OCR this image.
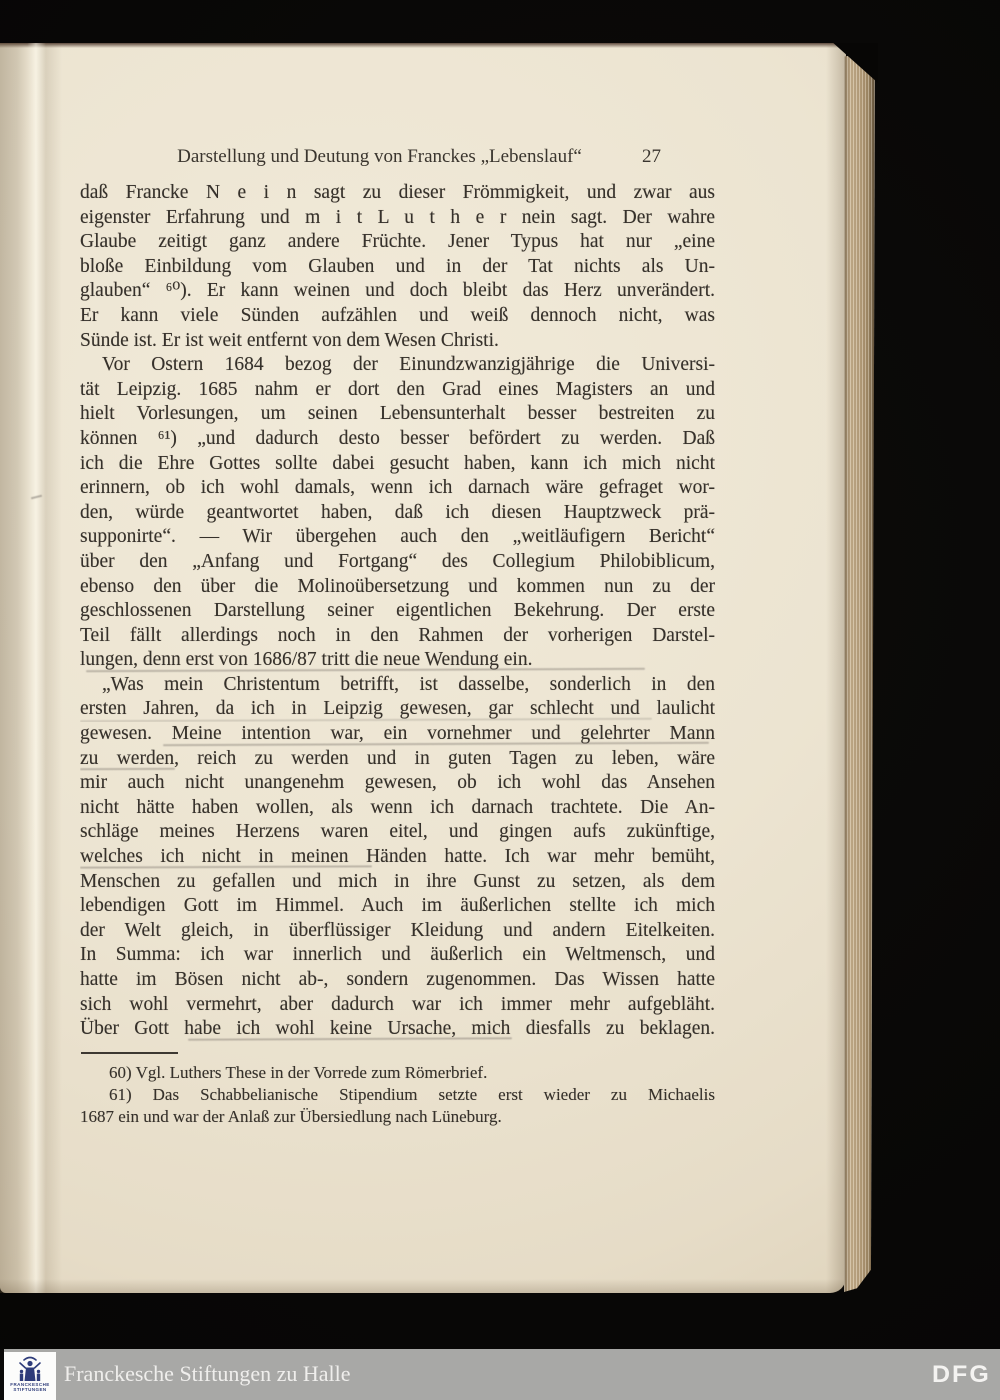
Darstellung und Deutung von Franckes „Lebenslauf“	27
daß Francke N e i n sagt zu dieser Frömmigkeit, und zwar aus
eigenster Erfahrung und m i t L u t h e r nein sagt. Der wahre
Glaube zeitigt ganz andere Früchte. Jener Typus hat nur „eine
bloße Einbildung vom Glauben und in der Tat nichts als Un-
glauben“ ⁶⁰). Er kann weinen und doch bleibt das Herz unverändert.
Er kann viele Sünden aufzählen und weiß dennoch nicht, was
Sünde ist. Er ist weit entfernt von dem Wesen Christi.
Vor Ostern 1684 bezog der Einundzwanzigjährige die Universi-
tät Leipzig. 1685 nahm er dort den Grad eines Magisters an und
hielt Vorlesungen, um seinen Lebensunterhalt besser bestreiten zu
können ⁶¹) „und dadurch desto besser befördert zu werden. Daß
ich die Ehre Gottes sollte dabei gesucht haben, kann ich mich nicht
erinnern, ob ich wohl damals, wenn ich darnach wäre gefraget wor-
den, würde geantwortet haben, daß ich diesen Hauptzweck prä-
supponirte“. — Wir übergehen auch den „weitläufigern Bericht“
über den „Anfang und Fortgang“ des Collegium Philobiblicum,
ebenso den über die Molinoübersetzung und kommen nun zu der
geschlossenen Darstellung seiner eigentlichen Bekehrung. Der erste
Teil fällt allerdings noch in den Rahmen der vorherigen Darstel-
lungen, denn erst von 1686/87 tritt die neue Wendung ein.
„Was mein Christentum betrifft, ist dasselbe, sonderlich in den
ersten Jahren, da ich in Leipzig gewesen, gar schlecht und laulicht
gewesen. Meine intention war, ein vornehmer und gelehrter Mann
zu werden, reich zu werden und in guten Tagen zu leben, wäre
mir auch nicht unangenehm gewesen, ob ich wohl das Ansehen
nicht hätte haben wollen, als wenn ich darnach trachtete. Die An-
schläge meines Herzens waren eitel, und gingen aufs zukünftige,
welches ich nicht in meinen Händen hatte. Ich war mehr bemüht,
Menschen zu gefallen und mich in ihre Gunst zu setzen, als dem
lebendigen Gott im Himmel. Auch im äußerlichen stellte ich mich
der Welt gleich, in überflüssiger Kleidung und andern Eitelkeiten.
In Summa: ich war innerlich und äußerlich ein Weltmensch, und
hatte im Bösen nicht ab-, sondern zugenommen. Das Wissen hatte
sich wohl vermehrt, aber dadurch war ich immer mehr aufgebläht.
Über Gott habe ich wohl keine Ursache, mich diesfalls zu beklagen.
60) Vgl. Luthers These in der Vorrede zum Römerbrief.
61) Das Schabbelianische Stipendium setzte erst wieder zu Michaelis
1687 ein und war der Anlaß zur Übersiedlung nach Lüneburg.
FRANCKESCHE
STIFTUNGEN
Franckesche Stiftungen zu Halle	DFG
